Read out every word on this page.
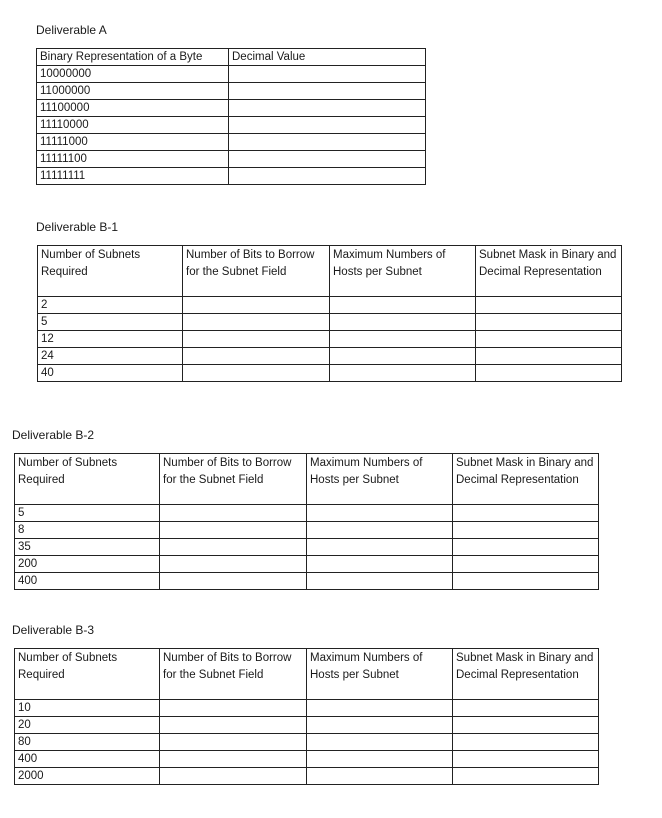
Deliverable A
Binary Representation of a Byte	Decimal Value
10000000	
11000000	
11100000	
11110000	
11111000	
11111100	
11111111	
Deliverable B-1
Number of Subnets Required	Number of Bits to Borrow for the Subnet Field	Maximum Numbers of Hosts per Subnet	Subnet Mask in Binary and Decimal Representation
2			
5			
12			
24			
40			
Deliverable B-2
Number of Subnets Required	Number of Bits to Borrow for the Subnet Field	Maximum Numbers of Hosts per Subnet	Subnet Mask in Binary and Decimal Representation
5			
8			
35			
200			
400			
Deliverable B-3
Number of Subnets Required	Number of Bits to Borrow for the Subnet Field	Maximum Numbers of Hosts per Subnet	Subnet Mask in Binary and Decimal Representation
10			
20			
80			
400			
2000			
